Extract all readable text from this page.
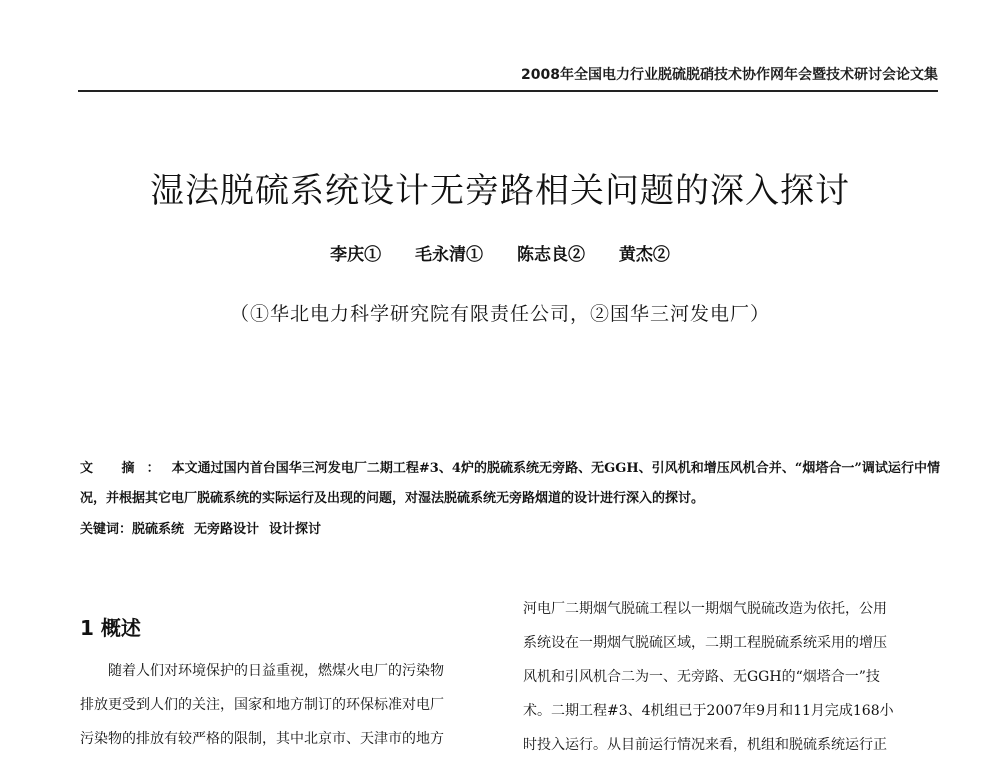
2008年全国电力行业脱硫脱硝技术协作网年会暨技术研讨会论文集
湿法脱硫系统设计无旁路相关问题的深入探讨
李庆① 毛永清① 陈志良② 黄杰②
（①华北电力科学研究院有限责任公司，②国华三河发电厂）
文 摘：本文通过国内首台国华三河发电厂二期工程#3、4炉的脱硫系统无旁路、无GGH、引风机和增压风机合并、“烟塔合一”调试运行中情况，并根据其它电厂脱硫系统的实际运行及出现的问题，对湿法脱硫系统无旁路烟道的设计进行深入的探讨。
关键词：脱硫系统 无旁路设计 设计探讨
1 概述
随着人们对环境保护的日益重视，燃煤火电厂的污染物
排放更受到人们的关注，国家和地方制订的环保标准对电厂
污染物的排放有较严格的限制，其中北京市、天津市的地方
河电厂二期烟气脱硫工程以一期烟气脱硫改造为依托，公用
系统设在一期烟气脱硫区域，二期工程脱硫系统采用的增压
风机和引风机合二为一、无旁路、无GGH的“烟塔合一”技
术。二期工程#3、4机组已于2007年9月和11月完成168小
时投入运行。从目前运行情况来看，机组和脱硫系统运行正
